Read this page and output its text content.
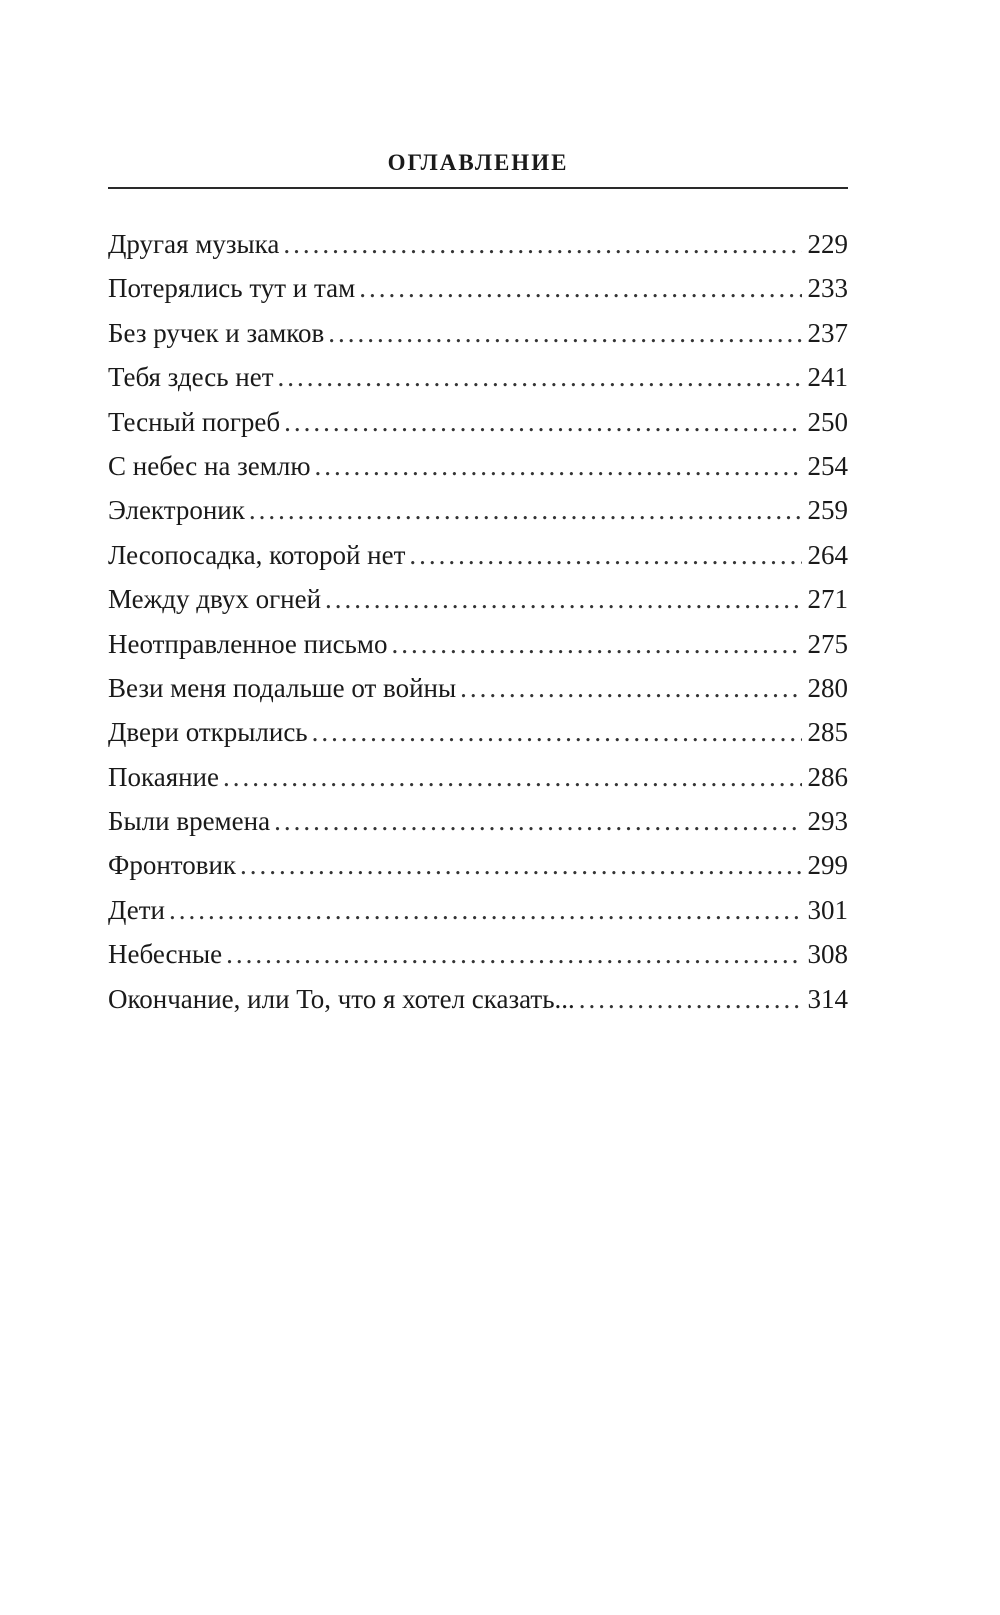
ОГЛАВЛЕНИЕ
Другая музыка .....	229
Потерялись тут и там .....	233
Без ручек и замков .....	237
Тебя здесь нет .....	241
Тесный погреб .....	250
С небес на землю .....	254
Электроник .....	259
Лесопосадка, которой нет .....	264
Между двух огней .....	271
Неотправленное письмо .....	275
Вези меня подальше от войны .....	280
Двери открылись .....	285
Покаяние .....	286
Были времена .....	293
Фронтовик .....	299
Дети .....	301
Небесные .....	308
Окончание, или То, что я хотел сказать... .....	314
